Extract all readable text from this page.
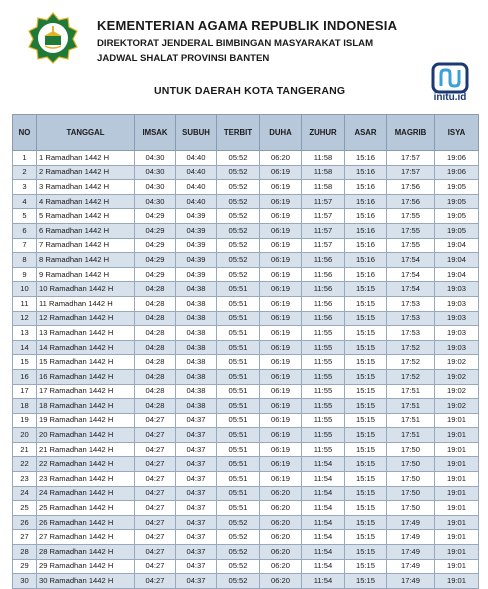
KEMENTERIAN AGAMA REPUBLIK INDONESIA

DIREKTORAT JENDERAL BIMBINGAN MASYARAKAT ISLAM

JADWAL SHALAT PROVINSI BANTEN

UNTUK DAERAH KOTA TANGERANG
initu.id
NO	TANGGAL	IMSAK	SUBUH	TERBIT	DUHA	ZUHUR	ASAR	MAGRIB	ISYA
1	1 Ramadhan 1442 H	04:30	04:40	05:52	06:20	11:58	15:16	17:57	19:06
2	2 Ramadhan 1442 H	04:30	04:40	05:52	06:19	11:58	15:16	17:57	19:06
3	3 Ramadhan 1442 H	04:30	04:40	05:52	06:19	11:58	15:16	17:56	19:05
4	4 Ramadhan 1442 H	04:30	04:40	05:52	06:19	11:57	15:16	17:56	19:05
5	5 Ramadhan 1442 H	04:29	04:39	05:52	06:19	11:57	15:16	17:55	19:05
6	6 Ramadhan 1442 H	04:29	04:39	05:52	06:19	11:57	15:16	17:55	19:05
7	7 Ramadhan 1442 H	04:29	04:39	05:52	06:19	11:57	15:16	17:55	19:04
8	8 Ramadhan 1442 H	04:29	04:39	05:52	06:19	11:56	15:16	17:54	19:04
9	9 Ramadhan 1442 H	04:29	04:39	05:52	06:19	11:56	15:16	17:54	19:04
10	10 Ramadhan 1442 H	04:28	04:38	05:51	06:19	11:56	15:15	17:54	19:03
11	11 Ramadhan 1442 H	04:28	04:38	05:51	06:19	11:56	15:15	17:53	19:03
12	12 Ramadhan 1442 H	04:28	04:38	05:51	06:19	11:56	15:15	17:53	19:03
13	13 Ramadhan 1442 H	04:28	04:38	05:51	06:19	11:55	15:15	17:53	19:03
14	14 Ramadhan 1442 H	04:28	04:38	05:51	06:19	11:55	15:15	17:52	19:03
15	15 Ramadhan 1442 H	04:28	04:38	05:51	06:19	11:55	15:15	17:52	19:02
16	16 Ramadhan 1442 H	04:28	04:38	05:51	06:19	11:55	15:15	17:52	19:02
17	17 Ramadhan 1442 H	04:28	04:38	05:51	06:19	11:55	15:15	17:51	19:02
18	18 Ramadhan 1442 H	04:28	04:38	05:51	06:19	11:55	15:15	17:51	19:02
19	19 Ramadhan 1442 H	04:27	04:37	05:51	06:19	11:55	15:15	17:51	19:01
20	20 Ramadhan 1442 H	04:27	04:37	05:51	06:19	11:55	15:15	17:51	19:01
21	21 Ramadhan 1442 H	04:27	04:37	05:51	06:19	11:55	15:15	17:50	19:01
22	22 Ramadhan 1442 H	04:27	04:37	05:51	06:19	11:54	15:15	17:50	19:01
23	23 Ramadhan 1442 H	04:27	04:37	05:51	06:19	11:54	15:15	17:50	19:01
24	24 Ramadhan 1442 H	04:27	04:37	05:51	06:20	11:54	15:15	17:50	19:01
25	25 Ramadhan 1442 H	04:27	04:37	05:51	06:20	11:54	15:15	17:50	19:01
26	26 Ramadhan 1442 H	04:27	04:37	05:52	06:20	11:54	15:15	17:49	19:01
27	27 Ramadhan 1442 H	04:27	04:37	05:52	06:20	11:54	15:15	17:49	19:01
28	28 Ramadhan 1442 H	04:27	04:37	05:52	06:20	11:54	15:15	17:49	19:01
29	29 Ramadhan 1442 H	04:27	04:37	05:52	06:20	11:54	15:15	17:49	19:01
30	30 Ramadhan 1442 H	04:27	04:37	05:52	06:20	11:54	15:15	17:49	19:01
